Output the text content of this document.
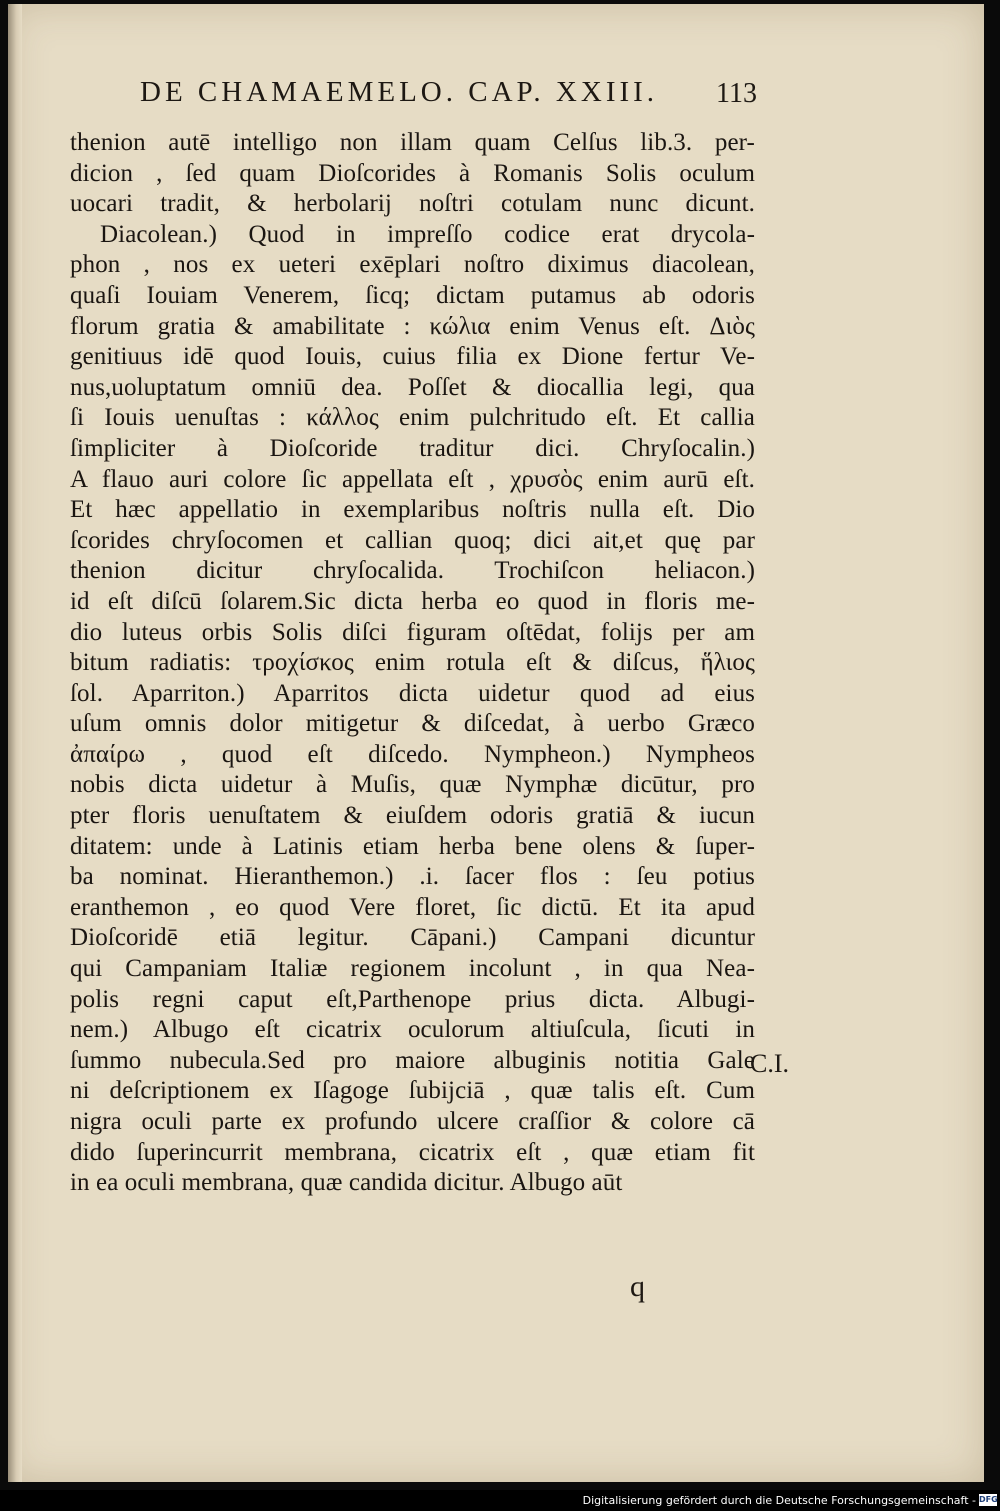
DE CHAMAEMELO. CAP. XXIII. 113
thenion autē intelligo non illam quam Celſus lib.3. per-
dicion , ſed quam Dioſcorides à Romanis Solis oculum
uocari tradit, & herbolarij noſtri cotulam nunc dicunt.
Diacolean.) Quod in impreſſo codice erat drycola-
phon , nos ex ueteri exēplari noſtro diximus diacolean,
quaſi Iouiam Venerem, ſicq; dictam putamus ab odoris
florum gratia & amabilitate : κώλια enim Venus eſt. Διὸς
genitiuus idē quod Iouis, cuius filia ex Dione fertur Ve-
nus,uoluptatum omniū dea. Poſſet & diocallia legi, qua
ſi Iouis uenuſtas : κάλλος enim pulchritudo eſt. Et callia
ſimpliciter à Dioſcoride traditur dici. Chryſocalin.)
A flauo auri colore ſic appellata eſt , χρυσὸς enim aurū eſt.
Et hæc appellatio in exemplaribus noſtris nulla eſt. Dio
ſcorides chryſocomen et callian quoq; dici ait,et quę par
thenion dicitur chryſocalida. Trochiſcon heliacon.)
id eſt diſcū ſolarem.Sic dicta herba eo quod in floris me-
dio luteus orbis Solis diſci figuram oſtēdat, folijs per am
bitum radiatis: τροχίσκος enim rotula eſt & diſcus, ἥλιος
ſol. Aparriton.) Aparritos dicta uidetur quod ad eius
uſum omnis dolor mitigetur & diſcedat, à uerbo Græco
ἀπαίρω , quod eſt diſcedo. Nympheon.) Nympheos
nobis dicta uidetur à Muſis, quæ Nymphæ dicūtur, pro
pter floris uenuſtatem & eiuſdem odoris gratiā & iucun
ditatem: unde à Latinis etiam herba bene olens & ſuper-
ba nominat. Hieranthemon.) .i. ſacer flos : ſeu potius
eranthemon , eo quod Vere floret, ſic dictū. Et ita apud
Dioſcoridē etiā legitur. Cāpani.) Campani dicuntur
qui Campaniam Italiæ regionem incolunt , in qua Nea-
polis regni caput eſt,Parthenope prius dicta. Albugi-
nem.) Albugo eſt cicatrix oculorum altiuſcula, ſicuti in
ſummo nubecula.Sed pro maiore albuginis notitia Gale
ni deſcriptionem ex Iſagoge ſubijciā , quæ talis eſt. Cum
nigra oculi parte ex profundo ulcere craſſior & colore cā
dido ſuperincurrit membrana, cicatrix eſt , quæ etiam fit
in ea oculi membrana, quæ candida dicitur. Albugo aūt
C.I.
q
Digitalisierung gefördert durch die Deutsche Forschungsgemeinschaft - DFG
